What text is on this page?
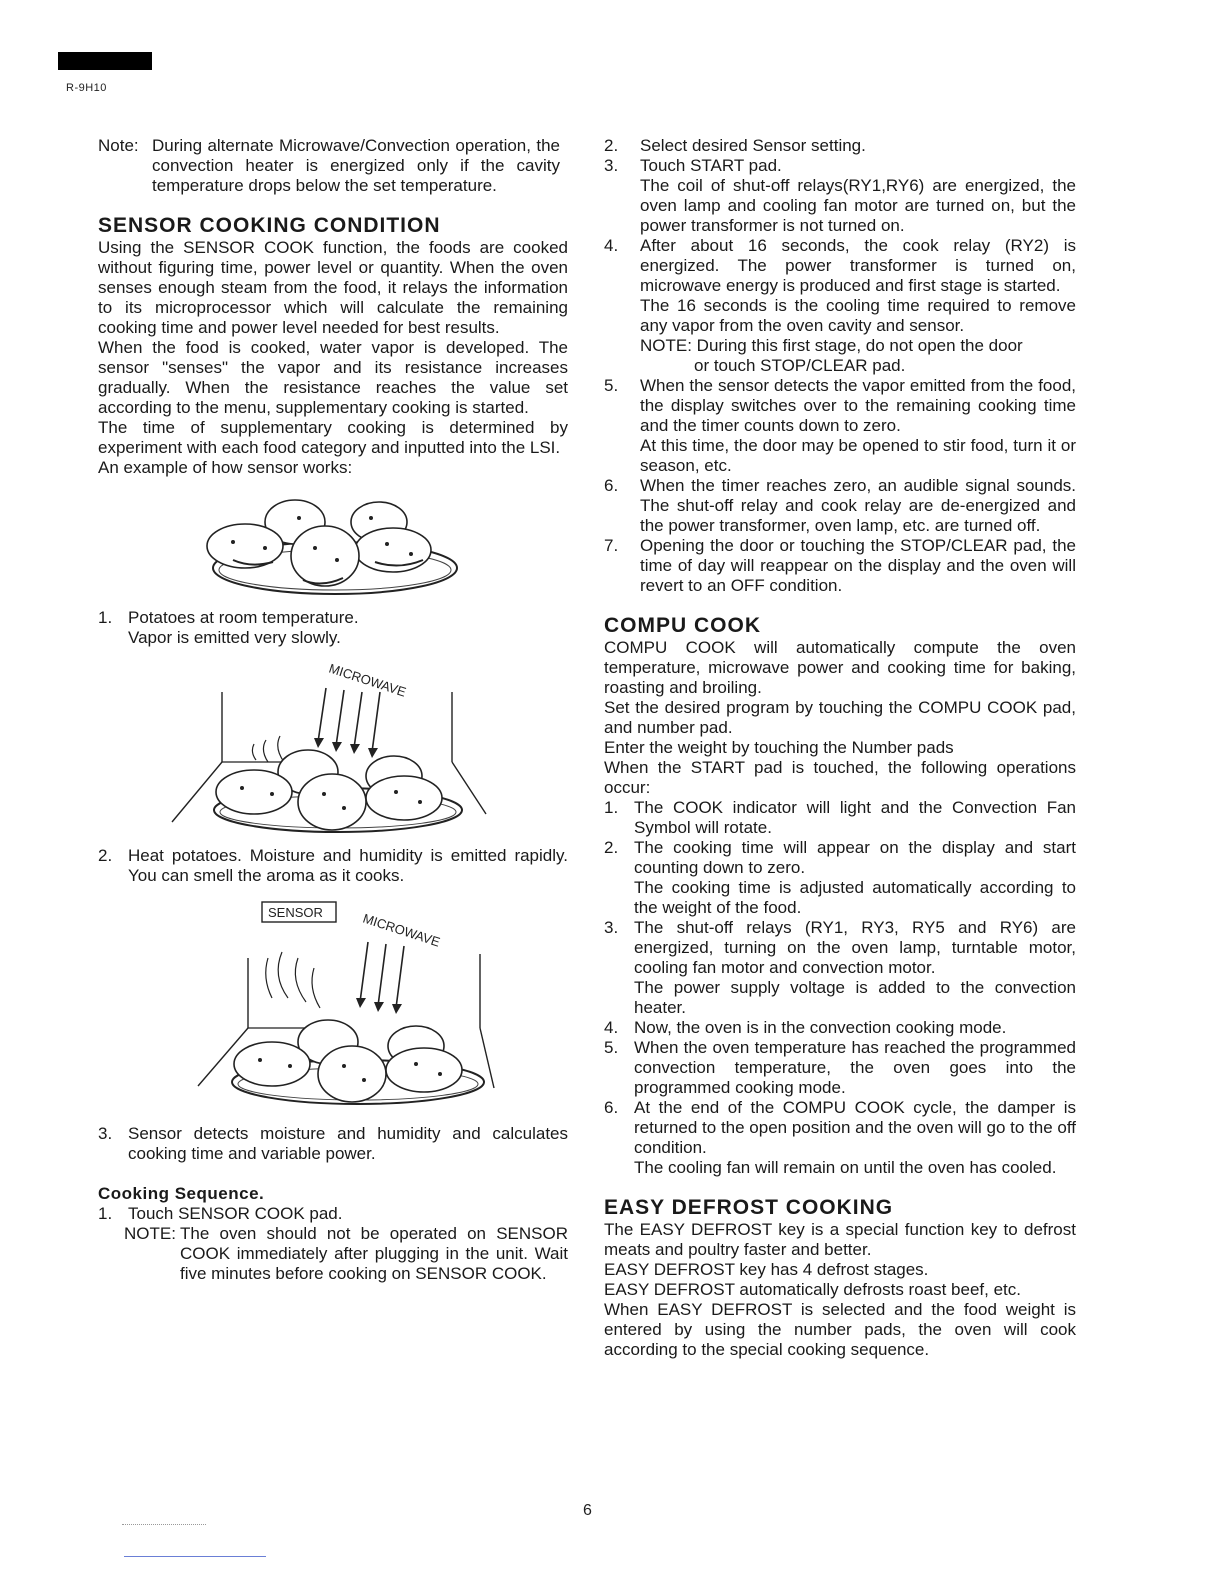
R-9H10
Note: During alternate Microwave/Convection operation, the convection heater is energized only if the cavity temperature drops below the set temperature.

SENSOR COOKING CONDITION

Using the SENSOR COOK function, the foods are cooked without figuring time, power level or quantity. When the oven senses enough steam from the food, it relays the information to its microprocessor which will calculate the remaining cooking time and power level needed for best results.

When the food is cooked, water vapor is developed. The sensor "senses" the vapor and its resistance increases gradually. When the resistance reaches the value set according to the menu, supplementary cooking is started.

The time of supplementary cooking is determined by experiment with each food category and inputted into the LSI.

An example of how sensor works:

1. Potatoes at room temperature.

Vapor is emitted very slowly.

MICROWAVE
2. Heat potatoes. Moisture and humidity is emitted rapidly. You can smell the aroma as it cooks.

SENSOR	MICROWAVE
3. Sensor detects moisture and humidity and calculates cooking time and variable power.

Cooking Sequence.
1. Touch SENSOR COOK pad.

NOTE: The oven should not be operated on SENSOR COOK immediately after plugging in the unit. Wait five minutes before cooking on SENSOR COOK.

2.	Select desired Sensor setting.

3.	Touch START pad.

The coil of shut-off relays(RY1,RY6) are energized, the oven lamp and cooling fan motor are turned on, but the power transformer is not turned on.

4.	After about 16 seconds, the cook relay (RY2) is energized. The power transformer is turned on, microwave energy is produced and first stage is started.

The 16 seconds is the cooling time required to remove any vapor from the oven cavity and sensor.

NOTE: During this first stage, do not open the door

or touch STOP/CLEAR pad.

5.	When the sensor detects the vapor emitted from the food, the display switches over to the remaining cooking time and the timer counts down to zero.

At this time, the door may be opened to stir food, turn it or season, etc.

6.	When the timer reaches zero, an audible signal sounds. The shut-off relay and cook relay are de-energized and the power transformer, oven lamp, etc. are turned off.

7.	Opening the door or touching the STOP/CLEAR pad, the time of day will reappear on the display and the oven will revert to an OFF condition.

COMPU COOK

COMPU COOK will automatically compute the oven temperature, microwave power and cooking time for baking, roasting and broiling.

Set the desired program by touching the COMPU COOK pad, and number pad.

Enter the weight by touching the Number pads

When the START pad is touched, the following operations occur:

1. The COOK indicator will light and the Convection Fan Symbol will rotate.

2. The cooking time will appear on the display and start counting down to zero.

The cooking time is adjusted automatically according to the weight of the food.

3. The shut-off relays (RY1, RY3, RY5 and RY6) are energized, turning on the oven lamp, turntable motor, cooling fan motor and convection motor.

The power supply voltage is added to the convection heater.

4. Now, the oven is in the convection cooking mode.

5. When the oven temperature has reached the programmed convection temperature, the oven goes into the programmed cooking mode.

6. At the end of the COMPU COOK cycle, the damper is returned to the open position and the oven will go to the off condition.

The cooling fan will remain on until the oven has cooled.

EASY DEFROST COOKING

The EASY DEFROST key is a special function key to defrost meats and poultry faster and better.

EASY DEFROST key has 4 defrost stages.

EASY DEFROST automatically defrosts roast beef, etc.

When EASY DEFROST is selected and the food weight is entered by using the number pads, the oven will cook according to the special cooking sequence.

6
